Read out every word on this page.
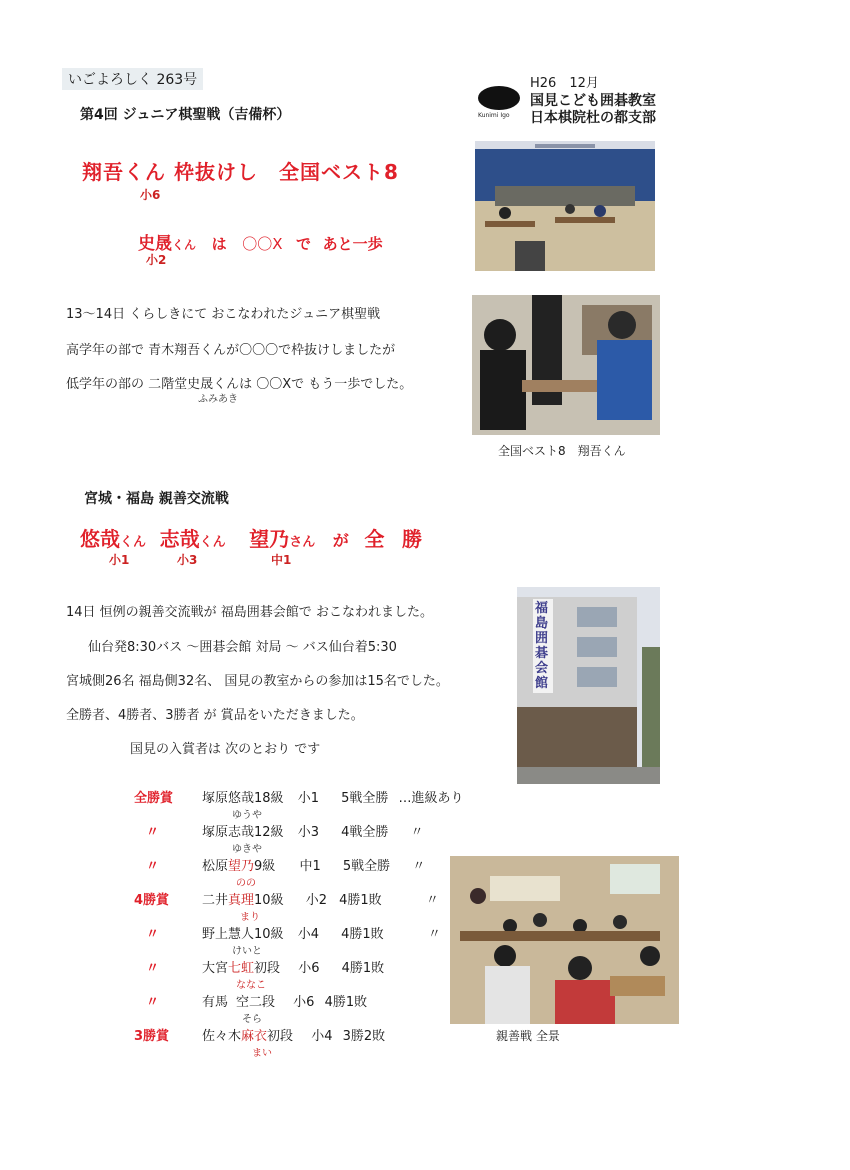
いごよろしく 263号	H26　12月
Kunimi Igo
国見こども囲碁教室
日本棋院杜の都支部
第4回 ジュニア棋聖戦（吉備杯）
翔吾くん 枠抜けし　全国ベスト8
小6
史晟くん は 〇〇X で あと一歩
小2
13～14日 くらしきにて おこなわれたジュニア棋聖戦
高学年の部で 青木翔吾くんが〇〇〇で枠抜けしましたが
低学年の部の 二階堂史晟くんは 〇〇Xで もう一歩でした。
ふみあき
全国ベスト8　翔吾くん
宮城・福島 親善交流戦
悠哉くん 志哉くん 望乃さん が 全 勝
小1	小3	中1
14日 恒例の親善交流戦が 福島囲碁会館で おこなわれました。
仙台発8:30バス ～囲碁会館 対局 ～ バス仙台着5:30
宮城側26名 福島側32名、 国見の教室からの参加は15名でした。
全勝者、4勝者、3勝者 が 賞品をいただきました。
国見の入賞者は 次のとおり です
福島囲碁会館
親善戦 全景
全勝賞 塚原悠哉18級 小1 5戦全勝 …進級あり
ゆうや
〃	塚原志哉12級 小3 4戦全勝 〃
ゆきや
〃	松原望乃9級 中1 5戦全勝 〃
のの
4勝賞	二井真理10級 小2 4勝1敗	〃
まり
〃	野上慧人10級 小4 4勝1敗	〃
けいと
〃	大宮七虹初段 小6 4勝1敗
ななこ
〃	有馬 空二段 小6 4勝1敗
そら
3勝賞	佐々木麻衣初段 小4 3勝2敗
まい
